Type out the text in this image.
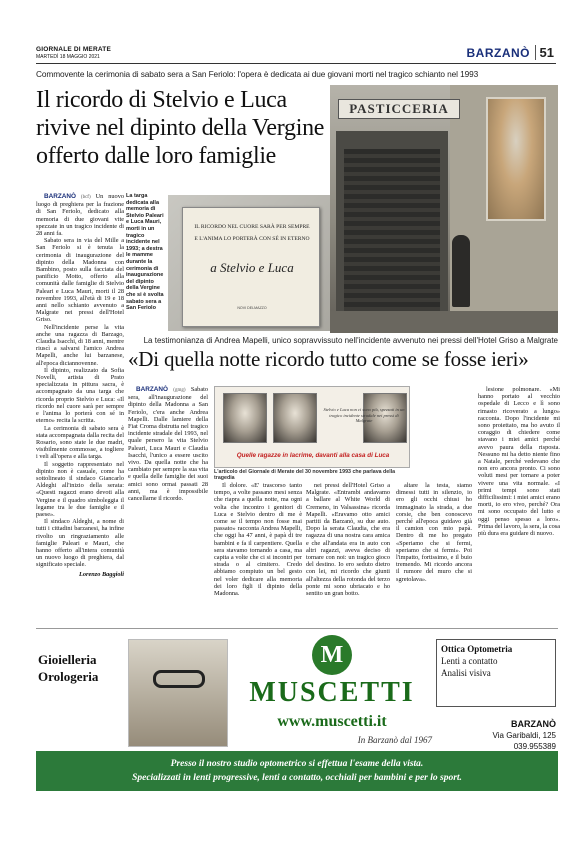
GIORNALE DI MERATE
MARTEDÌ 18 MAGGIO 2021	BARZANÒ 51
Commovente la cerimonia di sabato sera a San Feriolo: l'opera è dedicata ai due giovani morti nel tragico schianto nel 1993
Il ricordo di Stelvio e Luca rivive nel dipinto della Vergine offerto dalle loro famiglie
PASTICCERIA

BARZANÒ (bcf) Un nuovo luogo di preghiera per la frazione di San Feriolo, dedicato alla memoria di due giovani vite spezzate in un tragico incidente di 28 anni fa.

Sabato sera in via del Mille a San Feriolo si è tenuta la cerimonia di inaugurazione del dipinto della Madonna con Bambino, posto sulla facciata del panificio Motto, offerto alla comunità dalle famiglie di Stelvio Paleari e Luca Mauri, morti il 28 novembre 1993, all'età di 19 e 18 anni nello schianto avvenuto a Malgrate nei pressi dell'Hotel Griso.

Nell'incidente perse la vita anche una ragazza di Barzago, Claudia Isacchi, di 18 anni, mentre riuscì a salvarsi l'amico Andrea Mapelli, anche lui barzanese, all'epoca diciannovenne.

Il dipinto, realizzato da Sofia Novelli, artista di Prato specializzata in pittura sacra, è accompagnato da una targa che ricorda proprio Stelvio e Luca: «Il ricordo nel cuore sarà per sempre e l'anima lo porterà con sé in eterno» recita la scritta.

La cerimonia di sabato sera è stata accompagnata dalla recita del Rosario, sono state le due madri, visibilmente commosse, a togliere i veli all'opera e alla targa.

Il soggetto rappresentato nel dipinto non è casuale, come ha sottolineato il sindaco Giancarlo Aldeghi all'inizio della serata: «Questi ragazzi erano devoti alla Vergine e il quadro simboleggia il legame tra le due famiglie e il paese».

Il sindaco Aldeghi, a nome di tutti i cittadini barzanesi, ha infine rivolto un ringraziamento alle famiglie Paleari e Mauri, che hanno offerto all'intera comunità un nuovo luogo di preghiera, dal significato speciale.

Lorenzo Baggioli
La targa dedicata alla memoria di Stelvio Paleari e Luca Mauri, morti in un tragico incidente nel 1993; a destra le mamme durante la cerimonia di inaugurazione del dipinto della Vergine che si è svolta sabato sera a San Feriolo
IL RICORDO NEL CUORE SARÀ PER SEMPRE
E L'ANIMA LO PORTERÀ CON SÉ IN ETERNO
a Stelvio e Luca
NOVI DELMAZZO
La testimonianza di Andrea Mapelli, unico sopravvissuto nell'incidente avvenuto nei pressi dell'Hotel Griso a Malgrate
«Di quella notte ricordo tutto come se fosse ieri»

BARZANÒ (gmg) Sabato sera, all'inaugurazione del dipinto della Madonna a San Feriolo, c'era anche Andrea Mapelli. Dalle lamiere della Fiat Croma distrutta nel tragico incidente stradale del 1993, nel quale persero la vita Stelvio Paleari, Luca Mauri e Claudia Isacchi, l'unico a essere uscito vivo. Da quella notte che ha cambiato per sempre la sua vita e quella delle famiglie dei suoi amici sono ormai passati 28 anni, ma è impossibile cancellarne il ricordo.

Stelvio e Luca non ci sono più, spezzati in un tragico incidente stradale nei pressi di Malgrate
Quelle ragazze in lacrime, davanti alla casa di Luca
L'articolo del Giornale di Merate del 30 novembre 1993 che parlava della tragedia

Il dolore. «E' trascorso tanto tempo, a volte passano mesi senza che riapra a quella notte, ma ogni volta che incontro i genitori di Luca e Stelvio dentro di me è come se il tempo non fosse mai passato» racconta Andrea Mapelli, che oggi ha 47 anni, è papà di tre bambini e fa il carpentiere. Quella sera stavamo tornando a casa, ma capita a volte che ci si incontri per strada o al cimitero. Credo abbiamo compiuto un bel gesto nel voler dedicare alla memoria dei loro figli il dipinto della Madonna.

nei pressi dell'Hotel Griso a Malgrate. «Entrambi andavamo a ballare al White World di Cremeno, in Valsassina» ricorda Mapelli. «Eravamo otto amici partiti da Barzanò, su due auto. Dopo la serata Claudia, che era ragazza di una nostra cara amica e che all'andata era in auto con altri ragazzi, aveva deciso di tornare con noi: un tragico gioco del destino. Io ero seduto dietro con lei, mi ricordo che giunti all'altezza della rotonda del terzo ponte mi sono ubriacato e ho sentito un gran botto.

altare la testa, siamo dimessi tutti in silenzio, io ero gli occhi chiusi ho immaginato la strada, a due corsie, che ben conoscevo perché all'epoca guidavo già il camion con mio papà. Dentro di me ho pregato «Speriamo che si fermi, speriamo che si fermi». Poi l'impatto, fortissimo, e il buio tremendo. Mi ricordo ancora il rumore del muro che si sgretolava».

lesione polmonare. «Mi hanno portato al vecchio ospedale di Lecco e lì sono rimasto ricoverato a lungo» racconta. Dopo l'incidente mi sono proiettato, ma ho avuto il coraggio di chiedere come stavano i miei amici perché avevo paura della risposta. Nessuno mi ha detto niente fino a Natale, perché vedevano che non ero ancora pronto. Ci sono voluti mesi per tornare a poter vivere una vita normale. «I primi tempi sono stati difficilissimi: i miei amici erano morti, io ero vivo, perché? Ora mi sono occupato del lutto e oggi penso spesso a loro». Prima del lavoro, la sera, la cosa più dura era guidare di nuovo.

Gioielleria Orologeria
M
MUSCETTI
www.muscetti.it
In Barzanò dal 1967
Ottica Optometria
Lenti a contatto
Analisi visiva
BARZANÒ
Via Garibaldi, 125
039.955389
Presso il nostro studio optometrico si effettua l'esame della vista.
Specializzati in lenti progressive, lenti a contatto, occhiali per bambini e per lo sport.
